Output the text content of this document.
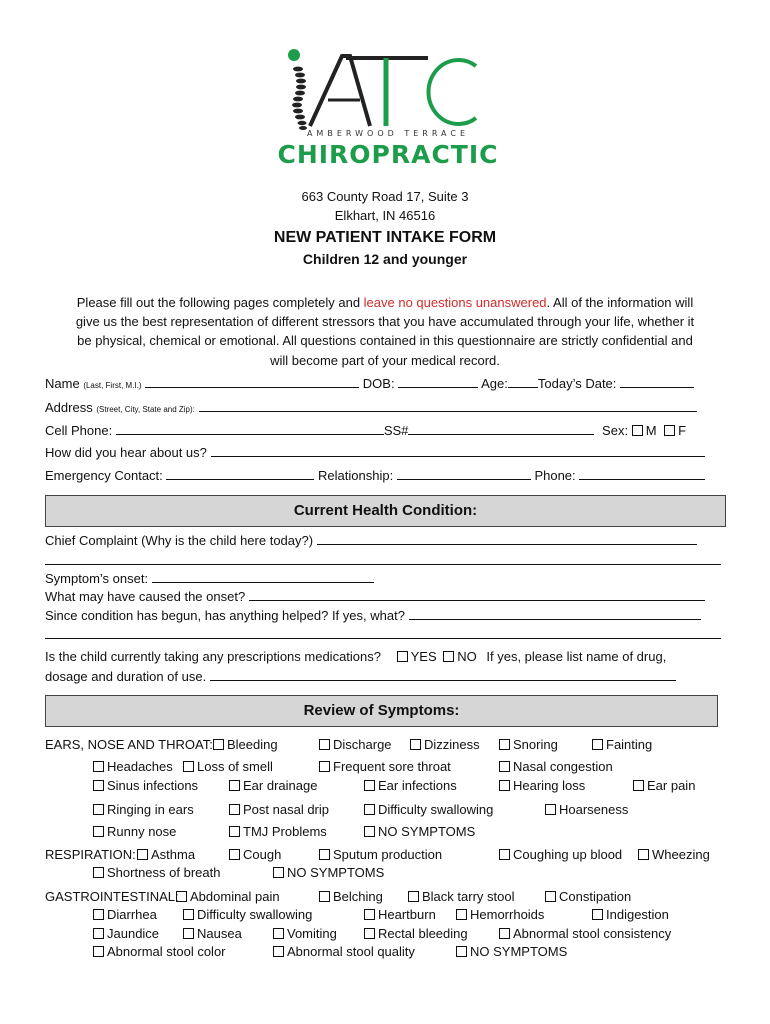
AMBERWOOD TERRACE
CHIROPRACTIC
663 County Road 17, Suite 3
Elkhart, IN 46516
NEW PATIENT INTAKE FORM
Children 12 and younger
Please fill out the following pages completely and leave no questions unanswered. All of the information will
give us the best representation of different stressors that you have accumulated through your life, whether it
be physical, chemical or emotional. All questions contained in this questionnaire are strictly confidential and
will become part of your medical record.
Name (Last, First, M.I.)	DOB:	Age: Today’s Date:
Address (Street, City, State and Zip):
Cell Phone:	SS#	Sex: M F
How did you hear about us?
Emergency Contact:	Relationship:	Phone:
Current Health Condition:
Chief Complaint (Why is the child here today?)
Symptom’s onset:
What may have caused the onset?
Since condition has begun, has anything helped? If yes, what?
Is the child currently taking any prescriptions medications? YES NO If yes, please list name of drug,
dosage and duration of use.
Review of Symptoms:
EARS, NOSE AND THROAT:	Bleeding	Discharge	Dizziness	Snoring	Fainting
Headaches	Loss of smell	Frequent sore throat	Nasal congestion
Sinus infections	Ear drainage	Ear infections	Hearing loss	Ear pain
Ringing in ears	Post nasal drip	Difficulty swallowing	Hoarseness
Runny nose	TMJ Problems	NO SYMPTOMS
RESPIRATION:	Asthma	Cough	Sputum production	Coughing up blood	Wheezing
Shortness of breath	NO SYMPTOMS
GASTROINTESTINAL: Abdominal pain	Belching	Black tarry stool	Constipation
Diarrhea	Difficulty swallowing	Heartburn	Hemorrhoids	Indigestion
Jaundice	Nausea	Vomiting	Rectal bleeding	Abnormal stool consistency
Abnormal stool color	Abnormal stool quality	NO SYMPTOMS
